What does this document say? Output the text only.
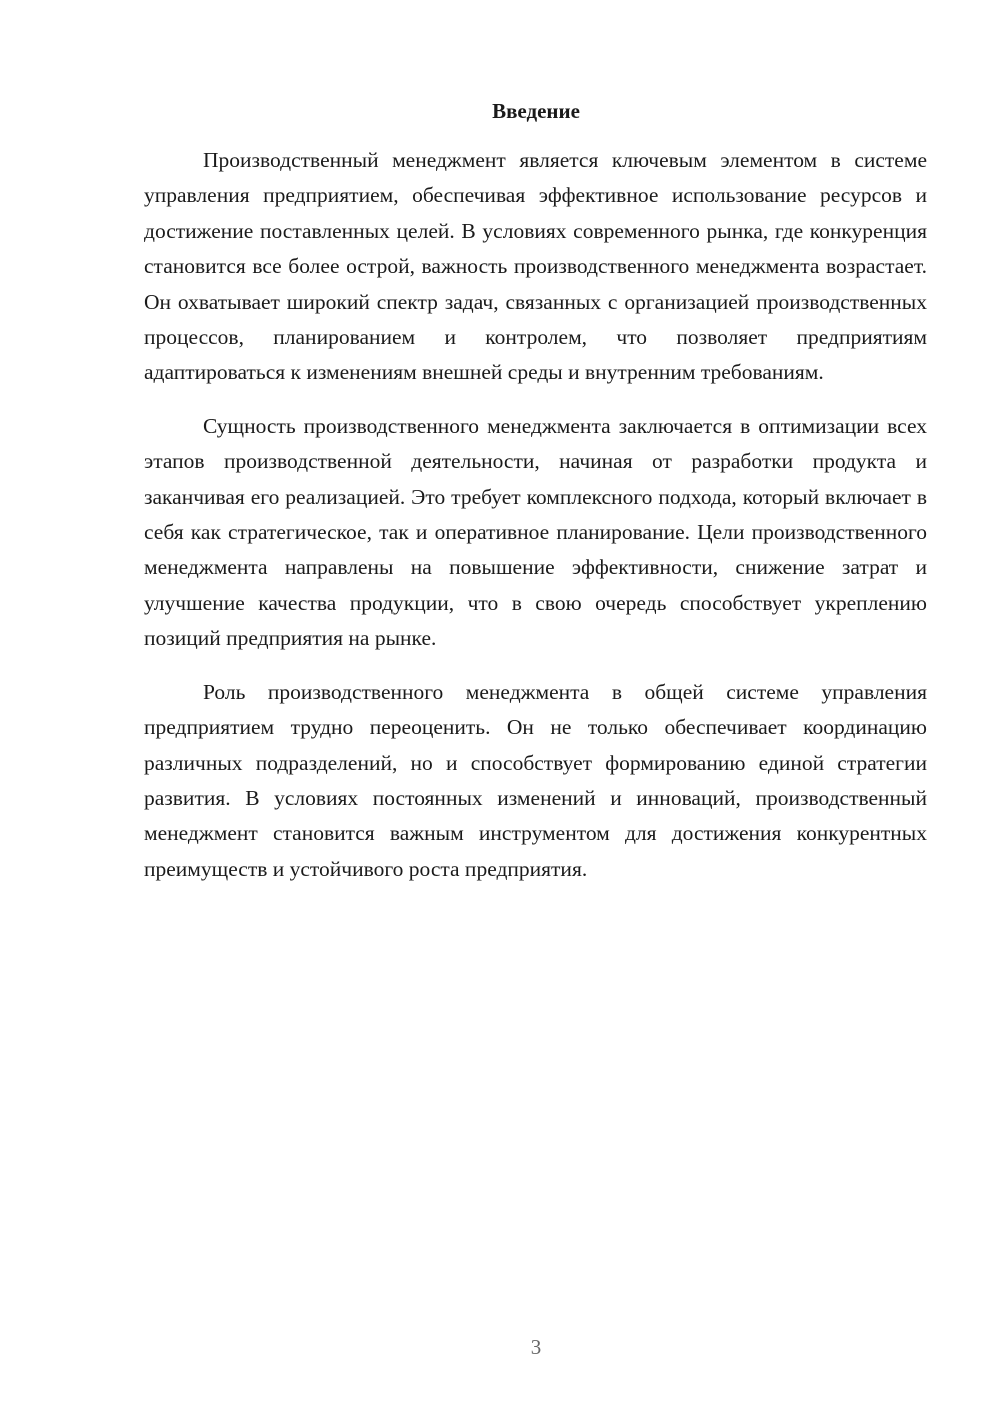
Введение

Производственный менеджмент является ключевым элементом в системе управления предприятием, обеспечивая эффективное использование ресурсов и достижение поставленных целей. В условиях современного рынка, где конкуренция становится все более острой, важность производственного менеджмента возрастает. Он охватывает широкий спектр задач, связанных с организацией производственных процессов, планированием и контролем, что позволяет предприятиям адаптироваться к изменениям внешней среды и внутренним требованиям.

Сущность производственного менеджмента заключается в оптимизации всех этапов производственной деятельности, начиная от разработки продукта и заканчивая его реализацией. Это требует комплексного подхода, который включает в себя как стратегическое, так и оперативное планирование. Цели производственного менеджмента направлены на повышение эффективности, снижение затрат и улучшение качества продукции, что в свою очередь способствует укреплению позиций предприятия на рынке.

Роль производственного менеджмента в общей системе управления предприятием трудно переоценить. Он не только обеспечивает координацию различных подразделений, но и способствует формированию единой стратегии развития. В условиях постоянных изменений и инноваций, производственный менеджмент становится важным инструментом для достижения конкурентных преимуществ и устойчивого роста предприятия.

3
